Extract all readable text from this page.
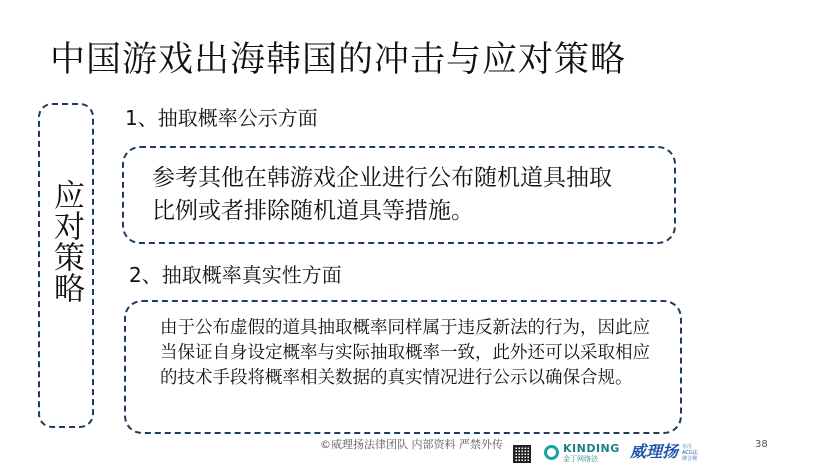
中国游戏出海韩国的冲击与应对策略
应对策略
1、抽取概率公示方面

参考其他在韩游戏企业进行公布随机道具抽取比例或者排除随机道具等措施。

2、抽取概率真实性方面

由于公布虚假的道具抽取概率同样属于违反新法的行为，因此应当保证自身设定概率与实际抽取概率一致，此外还可以采取相应的技术手段将概率相关数据的真实情况进行公示以确保合规。

©威理扬法律团队 内部资料 严禁外传	KINDING
金丁网络法 威理扬 专注 ACG法律合规
38
